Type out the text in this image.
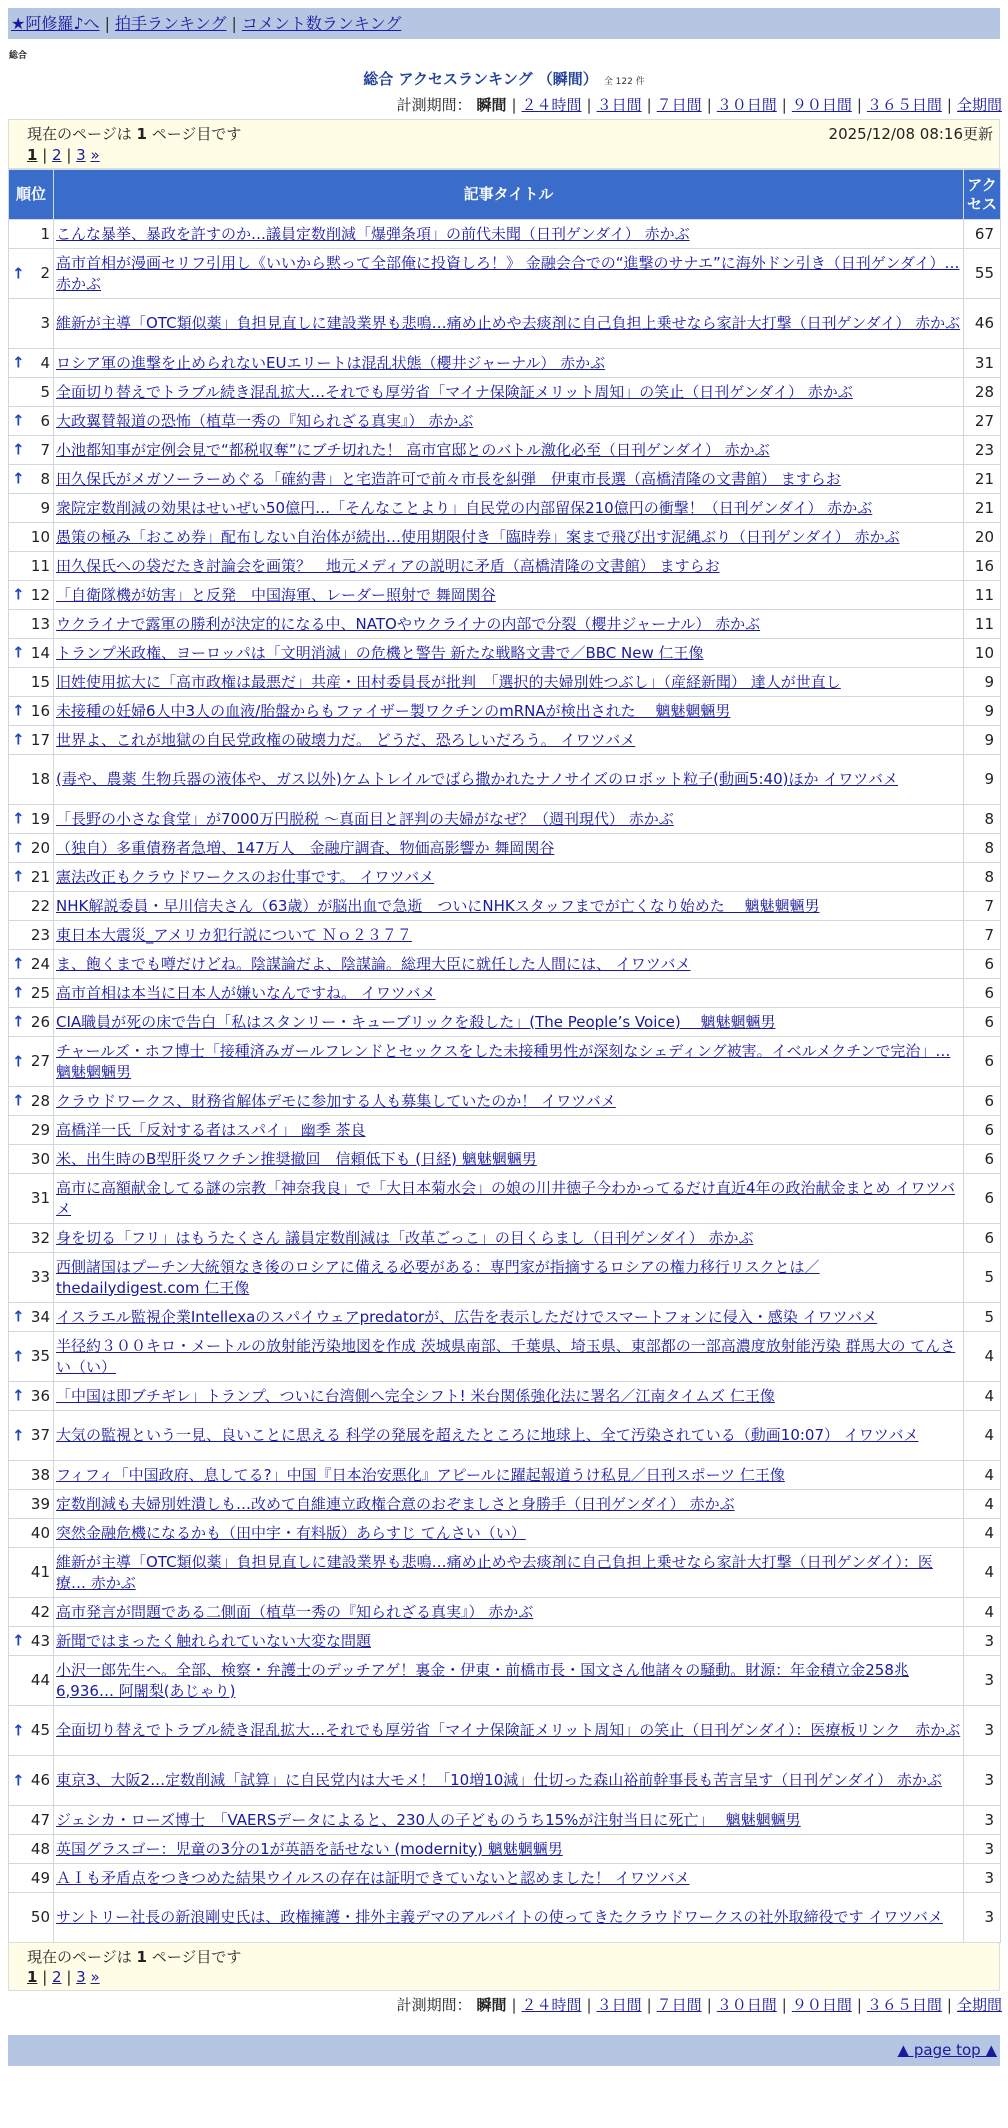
★阿修羅♪へ | 拍手ランキング | コメント数ランキング
総合
総合 アクセスランキング （瞬間） 全 122 件
計測期間： 瞬間 | ２４時間 | ３日間 | ７日間 | ３０日間 | ９０日間 | ３６５日間 | 全期間
現在のページは 1 ページ目です	2025/12/08 08:16更新
1 | 2 | 3 »
順位	記事タイトル	アクセス
1	こんな暴挙、暴政を許すのか…議員定数削減「爆弾条項」の前代未聞（日刊ゲンダイ） 赤かぶ	67

↑ 2	高市首相が漫画セリフ引用し《いいから黙って全部俺に投資しろ！》 金融会合での“進撃のサナエ”に海外ドン引き（日刊ゲンダイ）… 赤かぶ	55
3	維新が主導「OTC類似薬」負担見直しに建設業界も悲鳴…痛め止めや去痰剤に自己負担上乗せなら家計大打撃（日刊ゲンダイ） 赤かぶ	46

↑ 4	ロシア軍の進撃を止められないEUエリートは混乱状態（櫻井ジャーナル） 赤かぶ	31
5	全面切り替えでトラブル続き混乱拡大…それでも厚労省「マイナ保険証メリット周知」の笑止（日刊ゲンダイ） 赤かぶ	28

↑ 6	大政翼賛報道の恐怖（植草一秀の『知られざる真実』） 赤かぶ	27

↑ 7	小池都知事が定例会見で“都税収奪”にブチ切れた！ 高市官邸とのバトル激化必至（日刊ゲンダイ） 赤かぶ	23

↑ 8	田久保氏がメガソーラーめぐる「確約書」と宅造許可で前々市長を糾弾　伊東市長選（高橋清隆の文書館） ますらお	21
9	衆院定数削減の効果はせいぜい50億円…「そんなことより」自民党の内部留保210億円の衝撃！（日刊ゲンダイ） 赤かぶ	21
10	愚策の極み「おこめ券」配布しない自治体が続出…使用期限付き「臨時券」案まで飛び出す泥縄ぶり（日刊ゲンダイ） 赤かぶ	20
11	田久保氏への袋だたき討論会を画策？　地元メディアの説明に矛盾（高橋清隆の文書館） ますらお	16

↑ 12	「自衛隊機が妨害」と反発　中国海軍、レーダー照射で 舞岡関谷	11
13	ウクライナで露軍の勝利が決定的になる中、NATOやウクライナの内部で分裂（櫻井ジャーナル） 赤かぶ	11

↑ 14	トランプ米政権、ヨーロッパは「文明消滅」の危機と警告 新たな戦略文書で／BBC New 仁王像	10
15	旧姓使用拡大に「高市政権は最悪だ」共産・田村委員長が批判　「選択的夫婦別姓つぶし」（産経新聞） 達人が世直し	9

↑ 16	未接種の妊婦6人中3人の血液/胎盤からもファイザー製ワクチンのmRNAが検出された　 魑魅魍魎男	9

↑ 17	世界よ、これが地獄の自民党政権の破壊力だ。 どうだ、恐ろしいだろう。 イワツバメ	9
18	(毒や、農薬 生物兵器の液体や、ガス以外)ケムトレイルでばら撒かれたナノサイズのロボット粒子(動画5:40)ほか イワツバメ	9

↑ 19	「長野の小さな食堂」が7000万円脱税 ～真面目と評判の夫婦がなぜ？（週刊現代） 赤かぶ	8

↑ 20	（独自）多重債務者急増、147万人　金融庁調査、物価高影響か 舞岡関谷	8

↑ 21	憲法改正もクラウドワークスのお仕事です。 イワツバメ	8
22	NHK解説委員・早川信夫さん（63歳）が脳出血で急逝　ついにNHKスタッフまでが亡くなり始めた　 魑魅魍魎男	7
23	東日本大震災_アメリカ犯行説について Ｎｏ２３７７	7

↑ 24	ま、飽くまでも噂だけどね。陰謀論だよ、陰謀論。総理大臣に就任した人間には、 イワツバメ	6

↑ 25	高市首相は本当に日本人が嫌いなんですね。 イワツバメ	6

↑ 26	CIA職員が死の床で告白「私はスタンリー・キューブリックを殺した」(The People’s Voice)　 魑魅魍魎男	6

↑ 27	チャールズ・ホフ博士「接種済みガールフレンドとセックスをした未接種男性が深刻なシェディング被害。イベルメクチンで完治」… 魑魅魍魎男	6

↑ 28	クラウドワークス、財務省解体デモに参加する人も募集していたのか！ イワツバメ	6
29	高橋洋一氏「反対する者はスパイ」 幽季 茶良	6
30	米、出生時のB型肝炎ワクチン推奨撤回　信頼低下も (日経) 魑魅魍魎男	6
31	高市に高額献金してる謎の宗教「神奈我良」で「大日本菊水会」の娘の川井徳子今わかってるだけ直近4年の政治献金まとめ イワツバメ	6
32	身を切る「フリ」はもうたくさん 議員定数削減は「改革ごっこ」の目くらまし（日刊ゲンダイ） 赤かぶ	6
33	西側諸国はプーチン大統領なき後のロシアに備える必要がある：専門家が指摘するロシアの権力移行リスクとは／thedailydigest.com 仁王像	5

↑ 34	イスラエル監視企業Intellexaのスパイウェアpredatorが、広告を表示しただけでスマートフォンに侵入・感染 イワツバメ	5

↑ 35	半径約３００キロ・メートルの放射能汚染地図を作成 茨城県南部、千葉県、埼玉県、東部都の一部高濃度放射能汚染 群馬大の てんさい（い）	4

↑ 36	「中国は即ブチギレ」トランプ、ついに台湾側へ完全シフト! 米台関係強化法に署名／江南タイムズ 仁王像	4

↑ 37	大気の監視という一見、良いことに思える 科学の発展を超えたところに地球上、全て汚染されている（動画10:07） イワツバメ	4
38	フィフィ「中国政府、息してる?」中国『日本治安悪化』アピールに躍起報道うけ私見／日刊スポーツ 仁王像	4
39	定数削減も夫婦別姓潰しも…改めて自維連立政権合意のおぞましさと身勝手（日刊ゲンダイ） 赤かぶ	4
40	突然金融危機になるかも（田中宇・有料版）あらすじ てんさい（い）	4
41	維新が主導「OTC類似薬」負担見直しに建設業界も悲鳴…痛め止めや去痰剤に自己負担上乗せなら家計大打撃（日刊ゲンダイ）：医療… 赤かぶ	4
42	高市発言が問題である二側面（植草一秀の『知られざる真実』） 赤かぶ	4

↑ 43	新聞ではまったく触れられていない大変な問題	3
44	小沢一郎先生へ。全部、検察・弁護士のデッチアゲ！裏金・伊東・前橋市長・国文さん他諸々の騒動。財源：年金積立金258兆6,936… 阿闍梨(あじゃり)	3

↑ 45	全面切り替えでトラブル続き混乱拡大…それでも厚労省「マイナ保険証メリット周知」の笑止（日刊ゲンダイ）：医療板リンク　赤かぶ	3

↑ 46	東京3、大阪2…定数削減「試算」に自民党内は大モメ！「10増10減」仕切った森山裕前幹事長も苦言呈す（日刊ゲンダイ） 赤かぶ	3
47	ジェシカ・ローズ博士　「VAERSデータによると、230人の子どものうち15%が注射当日に死亡」　 魑魅魍魎男	3
48	英国グラスゴー：児童の3分の1が英語を話せない (modernity) 魑魅魍魎男	3
49	ＡＩも矛盾点をつきつめた結果ウイルスの存在は証明できていないと認めました！ イワツバメ	3
50	サントリー社長の新浪剛史氏は、政権擁護・排外主義デマのアルバイトの使ってきたクラウドワークスの社外取締役です イワツバメ	3
現在のページは 1 ページ目です
1 | 2 | 3 »
計測期間： 瞬間 | ２４時間 | ３日間 | ７日間 | ３０日間 | ９０日間 | ３６５日間 | 全期間
▲ page top ▲
